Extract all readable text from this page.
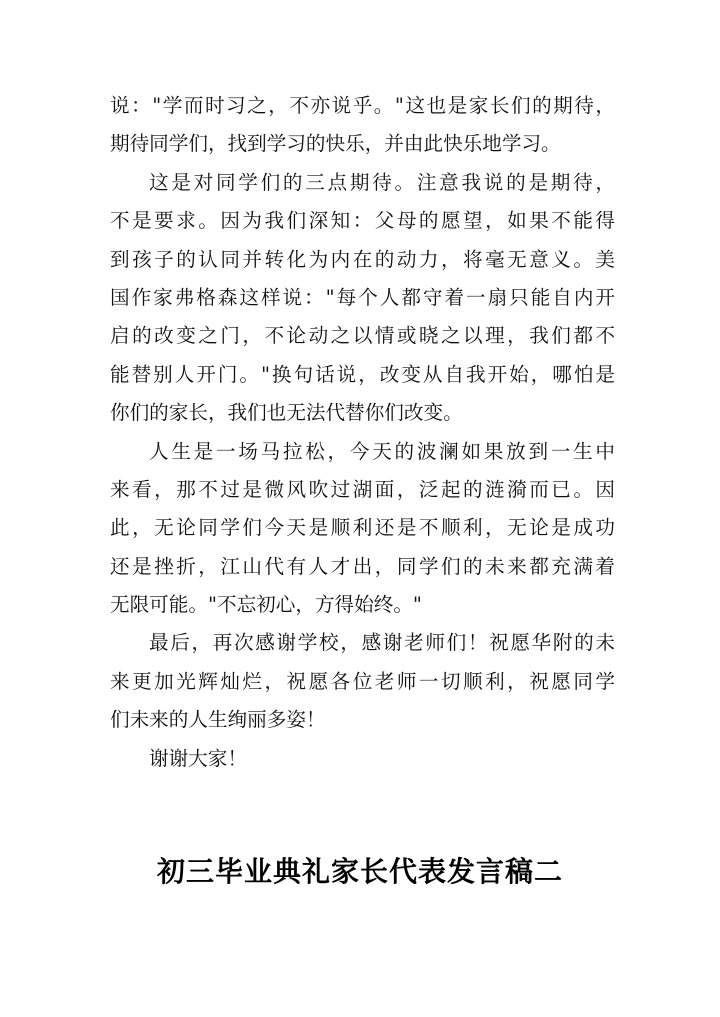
说："学而时习之，不亦说乎。"这也是家长们的期待，
期待同学们，找到学习的快乐，并由此快乐地学习。
这是对同学们的三点期待。注意我说的是期待，
不是要求。因为我们深知：父母的愿望，如果不能得
到孩子的认同并转化为内在的动力，将毫无意义。美
国作家弗格森这样说："每个人都守着一扇只能自内开
启的改变之门，不论动之以情或晓之以理，我们都不
能替别人开门。"换句话说，改变从自我开始，哪怕是
你们的家长，我们也无法代替你们改变。
人生是一场马拉松，今天的波澜如果放到一生中
来看，那不过是微风吹过湖面，泛起的涟漪而已。因
此，无论同学们今天是顺利还是不顺利，无论是成功
还是挫折，江山代有人才出，同学们的未来都充满着
无限可能。"不忘初心，方得始终。"
最后，再次感谢学校，感谢老师们！祝愿华附的未
来更加光辉灿烂，祝愿各位老师一切顺利，祝愿同学
们未来的人生绚丽多姿！
谢谢大家！
初三毕业典礼家长代表发言稿二
